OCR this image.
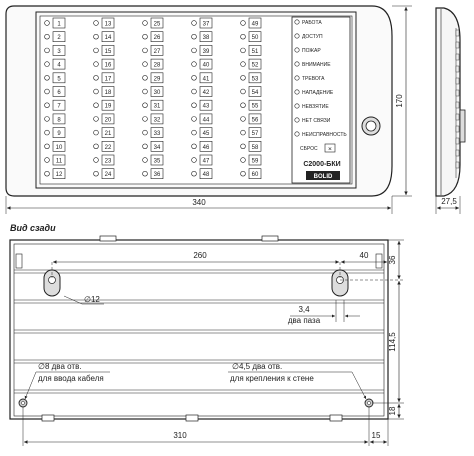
1
2
3
4
5
6
7
8
9
10
11
12
13
14
15
16
17
18
19
20
21
22
23
24
25
26
27
28
29
30
31
32
33
34
35
36
37
38
39
40
41
42
43
44
45
46
47
48
49
50
51
52
53
54
55
56
57
58
59
60
340
170
27,5
Вид сзади
260	40
∅12
3,4
два паза
36
114,5
18
∅8 два отв.
для ввода кабеля
∅4,5 два отв.
для крепления к стене
310	15
РАБОТА
ДОСТУП
ПОЖАР
ВНИМАНИЕ
ТРЕВОГА
НАПАДЕНИЕ
НЕВЗЯТИЕ
НЕТ СВЯЗИ
НЕИСПРАВНОСТЬ
СБРОС ✕
С2000-БКИ
BOLID
